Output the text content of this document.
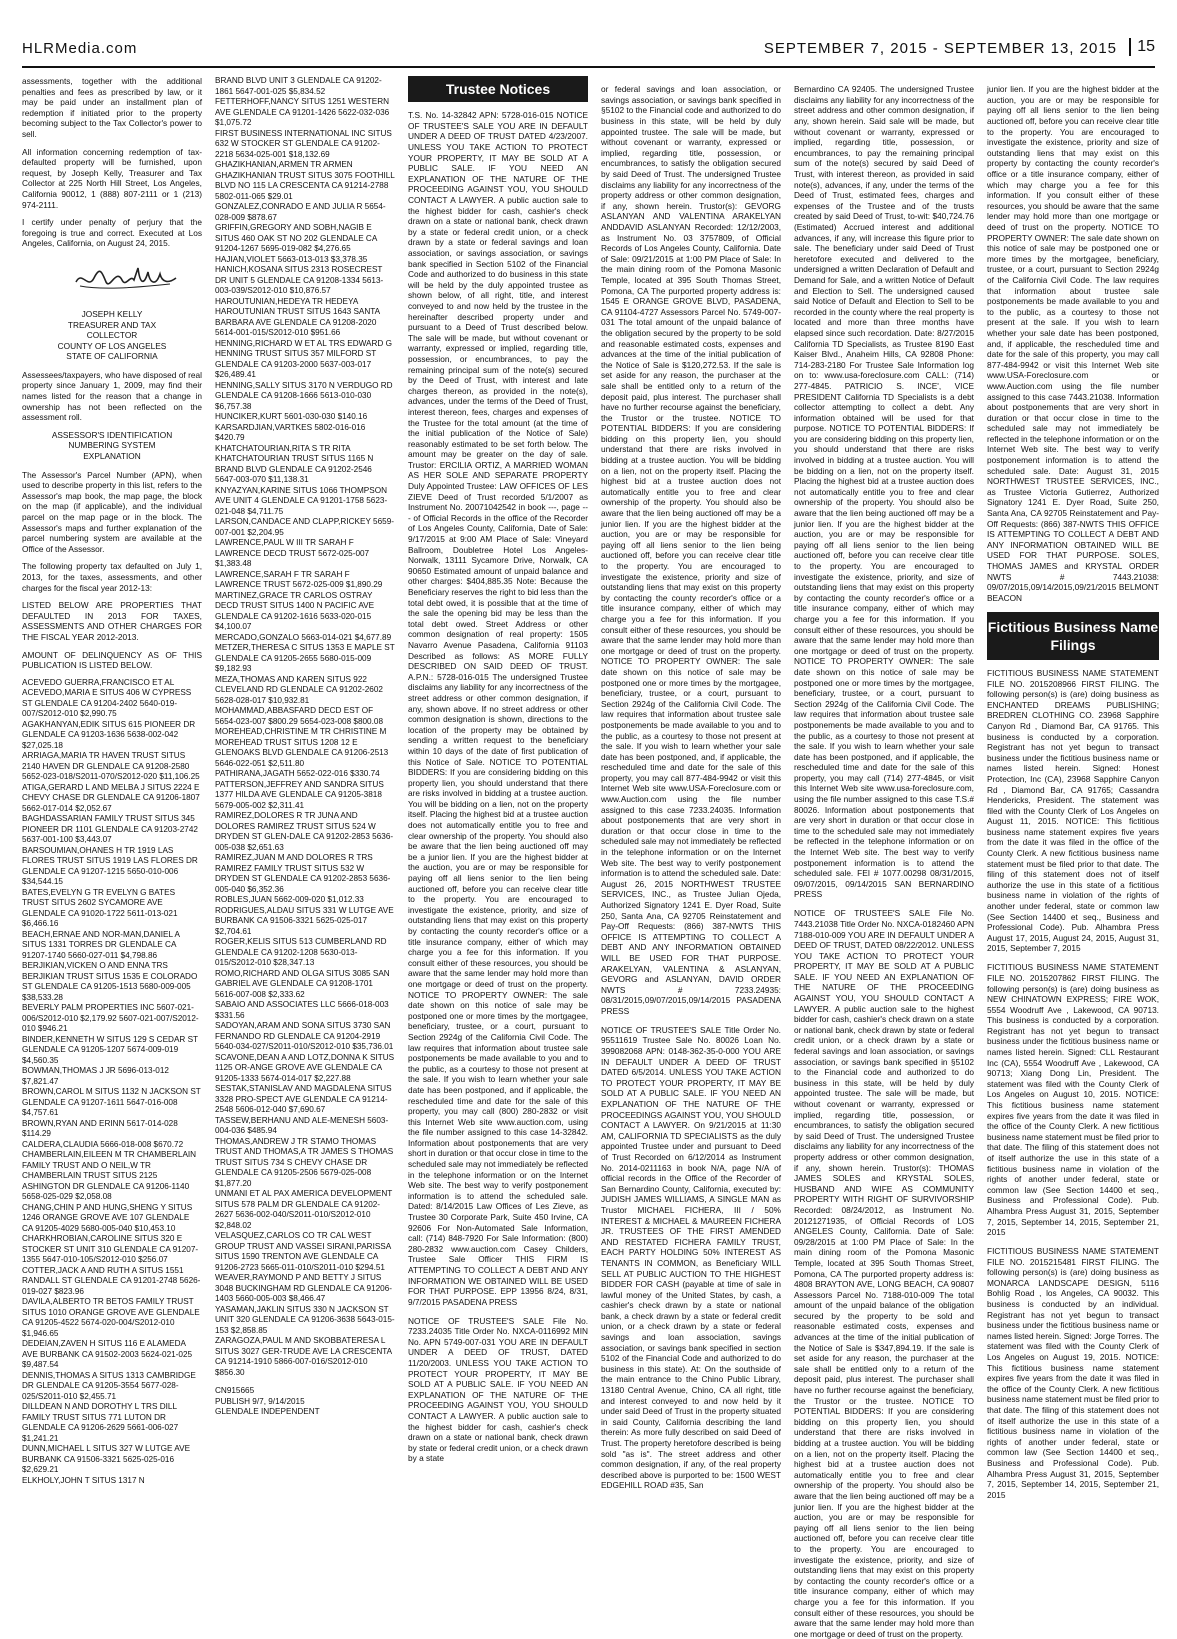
HLRMedia.com	SEPTEMBER 7, 2015 - SEPTEMBER 13, 2015	15

assessments, together with the additional penalties and fees as prescribed by law, or it may be paid under an installment plan of redemption if initiated prior to the property becoming subject to the Tax Collector's power to sell.

All information concerning redemption of tax-defaulted property will be furnished, upon request, by Joseph Kelly, Treasurer and Tax Collector at 225 North Hill Street, Los Angeles, California 90012, 1 (888) 807-2111 or 1 (213) 974-2111.

I certify under penalty of perjury that the foregoing is true and correct. Executed at Los Angeles, California, on August 24, 2015.

JOSEPH KELLY
TREASURER AND TAX
COLLECTOR
COUNTY OF LOS ANGELES
STATE OF CALIFORNIA

Assessees/taxpayers, who have disposed of real property since January 1, 2009, may find their names listed for the reason that a change in ownership has not been reflected on the assessment roll.

ASSESSOR'S IDENTIFICATION
NUMBERING SYSTEM
EXPLANATION

The Assessor's Parcel Number (APN), when used to describe property in this list, refers to the Assessor's map book, the map page, the block on the map (if applicable), and the individual parcel on the map page or in the block. The Assessor's maps and further explanation of the parcel numbering system are available at the Office of the Assessor.

The following property tax defaulted on July 1, 2013, for the taxes, assessments, and other charges for the fiscal year 2012-13:

LISTED BELOW ARE PROPERTIES THAT DEFAULTED IN 2013 FOR TAXES, ASSESSMENTS AND OTHER CHARGES FOR THE FISCAL YEAR 2012-2013.

AMOUNT OF DELINQUENCY AS OF THIS PUBLICATION IS LISTED BELOW.

ACEVEDO GUERRA,FRANCISCO ET AL ACEVEDO,MARIA E SITUS 406 W CYPRESS ST GLENDALE CA 91204-2402 5640-019-007/S2012-010 $2,990.75
AGAKHANYAN,EDIK SITUS 615 PIONEER DR GLENDALE CA 91203-1636 5638-002-042 $27,025.18
ARRIAGA,MARIA TR HAVEN TRUST SITUS 2140 HAVEN DR GLENDALE CA 91208-2580 5652-023-018/S2011-070/S2012-020 $11,106.25
ATIGA,GERARD L AND MELBA J SITUS 2224 E CHEVY CHASE DR GLENDALE CA 91206-1807 5662-017-014 $2,052.67
BAGHDASSARIAN FAMILY TRUST SITUS 345 PIONEER DR 1101 GLENDALE CA 91203-2742 5637-001-100 $3,443.07
BARSOUMIAN,OHANES H TR 1919 LAS FLORES TRUST SITUS 1919 LAS FLORES DR GLENDALE CA 91207-1215 5650-010-006 $34,544.15
BATES,EVELYN G TR EVELYN G BATES TRUST SITUS 2602 SYCAMORE AVE GLENDALE CA 91020-1722 5611-013-021 $6,466.16
BEACH,ERNAE AND NOR-MAN,DANIEL A SITUS 1331 TORRES DR GLENDALE CA 91207-1740 5660-027-011 $4,798.86
BERJIKIAN,VICKEN O AND ENNA TRS BERJIKIAN TRUST SITUS 1535 E COLORADO ST GLENDALE CA 91205-1513 5680-009-005 $38,533.28
BEVERLY PALM PROPERTIES INC 5607-021-006/S2012-010 $2,179.92 5607-021-007/S2012-010 $946.21
BINDER,KENNETH W SITUS 129 S CEDAR ST GLENDALE CA 91205-1207 5674-009-019 $4,560.35
BOWMAN,THOMAS J JR 5696-013-012 $7,821.47
BROWN,CAROL M SITUS 1132 N JACKSON ST GLENDALE CA 91207-1611 5647-016-008 $4,757.61
BROWN,RYAN AND ERINN 5617-014-028 $114.29
CALDERA,CLAUDIA 5666-018-008 $670.72
CHAMBERLAIN,EILEEN M TR CHAMBERLAIN FAMILY TRUST AND O NEIL,W TR CHAMBERLAIN TRUST SITUS 2125 ASHINGTON DR GLENDALE CA 91206-1140 5658-025-029 $2,058.08
CHANG,CHIN P AND HUNG,SHENG Y SITUS 1246 ORANGE GROVE AVE 107 GLENDALE CA 91205-4029 5680-005-040 $10,453.10
CHARKHROBIAN,CAROLINE SITUS 320 E STOCKER ST UNIT 310 GLENDALE CA 91207-1355 5647-010-105/S2012-010 $256.07
COTTER,JACK A AND RUTH A SITUS 1551 RANDALL ST GLENDALE CA 91201-2748 5626-019-027 $823.96
DAVILA,ALBERTO TR BETOS FAMILY TRUST SITUS 1010 ORANGE GROVE AVE GLENDALE CA 91205-4522 5674-020-004/S2012-010 $1,946.65
DEDEIAN,ZAVEN H SITUS 116 E ALAMEDA AVE BURBANK CA 91502-2003 5624-021-025 $9,487.54
DENNIS,THOMAS A SITUS 1313 CAMBRIDGE DR GLENDALE CA 91205-3554 5677-028-025/S2011-010 $2,455.71
DILLDEAN N AND DOROTHY L TRS DILL FAMILY TRUST SITUS 771 LUTON DR GLENDALE CA 91206-2629 5661-006-027 $1,241.21
DUNN,MICHAEL L SITUS 327 W LUTGE AVE BURBANK CA 91506-3321 5625-025-016 $2,629.21
ELKHOLY,JOHN T SITUS 1317 N
BRAND BLVD UNIT 3 GLENDALE CA 91202-1861 5647-001-025 $5,834.52
FETTERHOFF,NANCY SITUS 1251 WESTERN AVE GLENDALE CA 91201-1426 5622-032-036 $1,075.72
FIRST BUSINESS INTERNATIONAL INC SITUS 632 W STOCKER ST GLENDALE CA 91202-2218 5634-025-001 $18,132.69
GHAZIKHANIAN,ARMEN TR ARMEN GHAZIKHANIAN TRUST SITUS 3075 FOOTHILL BLVD NO 115 LA CRESCENTA CA 91214-2788 5802-011-065 $29.01
GONZALEZ,CONRADO E AND JULIA R 5654-028-009 $878.67
GRIFFIN,GREGORY AND SOBH,NAGIB E SITUS 460 OAK ST NO 202 GLENDALE CA 91204-1267 5695-019-082 $4,276.65
HAJIAN,VIOLET 5663-013-013 $3,378.35
HANICH,KOSANA SITUS 2313 ROSECREST DR UNIT 5 GLENDALE CA 91208-1334 5613-003-039/S2012-010 $10,876.57
HAROUTUNIAN,HEDEYA TR HEDEYA HAROUTUNIAN TRUST SITUS 1643 SANTA BARBARA AVE GLENDALE CA 91208-2020 5614-001-015/S2012-010 $951.66
HENNING,RICHARD W ET AL TRS EDWARD G HENNING TRUST SITUS 357 MILFORD ST GLENDALE CA 91203-2000 5637-003-017 $26,489.41
HENNING,SALLY SITUS 3170 N VERDUGO RD GLENDALE CA 91208-1666 5613-010-030 $6,757.38
HUNCIKER,KURT 5601-030-030 $140.16
KARSARDJIAN,VARTKES 5802-016-016 $420.79
KHATCHATOURIAN,RITA S TR RITA KHATCHATOURIAN TRUST SITUS 1165 N BRAND BLVD GLENDALE CA 91202-2546 5647-003-070 $11,138.31
KNYAZYAN,KARINE SITUS 1066 THOMPSON AVE UNIT 4 GLENDALE CA 91201-1758 5623-021-048 $4,711.75
LARSON,CANDACE AND CLAPP,RICKEY 5659-007-001 $2,204.95
LAWRENCE,PAUL W III TR SARAH F LAWRENCE DECD TRUST 5672-025-007 $1,383.48
LAWRENCE,SARAH F TR SARAH F LAWRENCE TRUST 5672-025-009 $1,890.29
MARTINEZ,GRACE TR CARLOS OSTRAY DECD TRUST SITUS 1400 N PACIFIC AVE GLENDALE CA 91202-1616 5633-020-015 $4,100.07
MERCADO,GONZALO 5663-014-021 $4,677.89
METZER,THERESA C SITUS 1353 E MAPLE ST GLENDALE CA 91205-2655 5680-015-009 $9,182.93
MEZA,THOMAS AND KAREN SITUS 922 CLEVELAND RD GLENDALE CA 91202-2602 5628-028-017 $10,932.81
MOHAMMAD,ABBASFARD DECD EST OF 5654-023-007 $800.29 5654-023-008 $800.08
MOREHEAD,CHRISTINE M TR CHRISTINE M MOREHEAD TRUST SITUS 1208 12 E GLENOAKS BLVD GLENDALE CA 91206-2513 5646-022-051 $2,511.80
PATHIRANA,JAGATH 5652-022-016 $330.74
PATTERSON,JEFFREY AND SANDRA SITUS 1377 HILDA AVE GLENDALE CA 91205-3818 5679-005-002 $2,311.41
RAMIREZ,DOLORES R TR JUNA AND DOLORES RAMIREZ TRUST SITUS 524 W DRYDEN ST GLEN-DALE CA 91202-2853 5636-005-038 $2,651.63
RAMIREZ,JUAN M AND DOLORES R TRS RAMIREZ FAMILY TRUST SITUS 532 W DRYDEN ST GLENDALE CA 91202-2853 5636-005-040 $6,352.36
ROBLES,JUAN 5662-009-020 $1,012.33
RODRIGUES,ALDAU SITUS 331 W LUTGE AVE BURBANK CA 91506-3321 5625-025-017 $2,704.61
ROGER,KELIS SITUS 513 CUMBERLAND RD GLENDALE CA 91202-1208 5630-013-015/S2012-010 $28,347.13
ROMO,RICHARD AND OLGA SITUS 3085 SAN GABRIEL AVE GLENDALE CA 91208-1701 5616-007-008 $2,333.62
SABAIO AND ASSOCIATES LLC 5666-018-003 $331.56
SADOYAN,ARAM AND SONA SITUS 3730 SAN FERNANDO RD GLENDALE CA 91204-2919 5640-034-027/S2011-010/S2012-010 $35,736.01
SCAVONE,DEAN A AND LOTZ,DONNA K SITUS 1125 OR-ANGE GROVE AVE GLENDALE CA 91205-1333 5674-014-017 $2,227.88
SESTAK,STANISLAV AND MAGDALENA SITUS 3328 PRO-SPECT AVE GLENDALE CA 91214-2548 5606-012-040 $7,690.67
TASSEW,BERHANU AND ALE-MENESH 5603-004-036 $485.94
THOMAS,ANDREW J TR STAMO THOMAS TRUST AND THOMAS,A TR JAMES S THOMAS TRUST SITUS 734 S CHEVY CHASE DR GLENDALE CA 91205-2506 5679-025-008 $1,877.20
UNMANI ET AL PAX AMERICA DEVELOPMENT SITUS 578 PALM DR GLENDALE CA 91202-2627 5636-002-040/S2011-010/S2012-010 $2,848.02
VELASQUEZ,CARLOS CO TR CAL WEST GROUP TRUST AND VASSEI SIRANI,PARISSA SITUS 1590 TRENTON AVE GLENDALE CA 91206-2723 5665-011-010/S2011-010 $294.51
WEAVER,RAYMOND P AND BETTY J SITUS 3048 BUCKINGHAM RD GLENDALE CA 91206-1403 5660-005-003 $8,466.47
YASAMAN,JAKLIN SITUS 330 N JACKSON ST UNIT 320 GLENDALE CA 91206-3638 5643-015-153 $2,858.85
ZARAGOZA,PAUL M AND SKOBBATERESA L SITUS 3027 GER-TRUDE AVE LA CRESCENTA CA 91214-1910 5866-007-016/S2012-010 $856.30
CN915665
PUBLISH 9/7, 9/14/2015
GLENDALE INDEPENDENT
Trustee Notices

T.S. No. 14-32842 APN: 5728-016-015 NOTICE OF TRUSTEE'S SALE YOU ARE IN DEFAULT UNDER A DEED OF TRUST DATED 4/23/2007. UNLESS YOU TAKE ACTION TO PROTECT YOUR PROPERTY, IT MAY BE SOLD AT A PUBLIC SALE. IF YOU NEED AN EXPLANATION OF THE NATURE OF THE PROCEEDING AGAINST YOU, YOU SHOULD CONTACT A LAWYER. A public auction sale to the highest bidder for cash, cashier's check drawn on a state or national bank, check drawn by a state or federal credit union, or a check drawn by a state or federal savings and loan association, or savings association, or savings bank specified in Section 5102 of the Financial Code and authorized to do business in this state will be held by the duly appointed trustee as shown below, of all right, title, and interest conveyed to and now held by the trustee in the hereinafter described property under and pursuant to a Deed of Trust described below. The sale will be made, but without covenant or warranty, expressed or implied, regarding title, possession, or encumbrances, to pay the remaining principal sum of the note(s) secured by the Deed of Trust, with interest and late charges thereon, as provided in the note(s), advances, under the terms of the Deed of Trust, interest thereon, fees, charges and expenses of the Trustee for the total amount (at the time of the initial publication of the Notice of Sale) reasonably estimated to be set forth below. The amount may be greater on the day of sale. Trustor: ERCILIA ORTIZ, A MARRIED WOMAN AS HER SOLE AND SEPARATE PROPERTY Duly Appointed Trustee: LAW OFFICES OF LES ZIEVE Deed of Trust recorded 5/1/2007 as Instrument No. 20071042542 in book ---, page --- of Official Records in the office of the Recorder of Los Angeles County, California, Date of Sale: 9/17/2015 at 9:00 AM Place of Sale: Vineyard Ballroom, Doubletree Hotel Los Angeles-Norwalk, 13111 Sycamore Drive, Norwalk, CA 90650 Estimated amount of unpaid balance and other charges: $404,885.35 Note: Because the Beneficiary reserves the right to bid less than the total debt owed, it is possible that at the time of the sale the opening bid may be less than the total debt owed. Street Address or other common designation of real property: 1505 Navarro Avenue Pasadena, California 91103 Described as follows: AS MORE FULLY DESCRIBED ON SAID DEED OF TRUST. A.P.N.: 5728-016-015 The undersigned Trustee disclaims any liability for any incorrectness of the street address or other common designation, if any, shown above. If no street address or other common designation is shown, directions to the location of the property may be obtained by sending a written request to the beneficiary within 10 days of the date of first publication of this Notice of Sale. NOTICE TO POTENTIAL BIDDERS: If you are considering bidding on this property lien, you should understand that there are risks involved in bidding at a trustee auction. You will be bidding on a lien, not on the property itself. Placing the highest bid at a trustee auction does not automatically entitle you to free and clear ownership of the property. You should also be aware that the lien being auctioned off may be a junior lien. If you are the highest bidder at the auction, you are or may be responsible for paying off all liens senior to the lien being auctioned off, before you can receive clear title to the property. You are encouraged to investigate the existence, priority, and size of outstanding liens that may exist on this property by contacting the county recorder's office or a title insurance company, either of which may charge you a fee for this information. If you consult either of these resources, you should be aware that the same lender may hold more than one mortgage or deed of trust on the property. NOTICE TO PROPERTY OWNER: The sale date shown on this notice of sale may be postponed one or more times by the mortgagee, beneficiary, trustee, or a court, pursuant to Section 2924g of the California Civil Code. The law requires that information about trustee sale postponements be made available to you and to the public, as a courtesy to those not present at the sale. If you wish to learn whether your sale date has been postponed, and if applicable, the rescheduled time and date for the sale of this property, you may call (800) 280-2832 or visit this Internet Web site www.auction.com, using the file number assigned to this case 14-32842. Information about postponements that are very short in duration or that occur close in time to the scheduled sale may not immediately be reflected in the telephone information or on the Internet Web site. The best way to verify postponement information is to attend the scheduled sale. Dated: 8/14/2015 Law Offices of Les Zieve, as Trustee 30 Corporate Park, Suite 450 Irvine, CA 92606 For Non-Automated Sale Information, call: (714) 848-7920 For Sale Information: (800) 280-2832 www.auction.com Casey Childers, Trustee Sale Officer THIS FIRM IS ATTEMPTING TO COLLECT A DEBT AND ANY INFORMATION WE OBTAINED WILL BE USED FOR THAT PURPOSE. EPP 13956 8/24, 8/31, 9/7/2015 PASADENA PRESS

NOTICE OF TRUSTEE'S SALE File No. 7233.24035 Title Order No. NXCA-0116992 MIN No. APN 5749-007-031 YOU ARE IN DEFAULT UNDER A DEED OF TRUST, DATED 11/20/2003. UNLESS YOU TAKE ACTION TO PROTECT YOUR PROPERTY, IT MAY BE SOLD AT A PUBLIC SALE. IF YOU NEED AN EXPLANATION OF THE NATURE OF THE PROCEEDING AGAINST YOU, YOU SHOULD CONTACT A LAWYER. A public auction sale to the highest bidder for cash, cashier's check drawn on a state or national bank, check drawn by state or federal credit union, or a check drawn by a state

or federal savings and loan association, or savings association, or savings bank specified in §5102 to the Financial code and authorized to do business in this state, will be held by duly appointed trustee. The sale will be made, but without covenant or warranty, expressed or implied, regarding title, possession, or encumbrances, to satisfy the obligation secured by said Deed of Trust. The undersigned Trustee disclaims any liability for any incorrectness of the property address or other common designation, if any, shown herein. Trustor(s): GEVORG ASLANYAN AND VALENTINA ARAKELYAN ANDDAVID ASLANYAN Recorded: 12/12/2003, as Instrument No. 03 3757809, of Official Records of Los Angeles County, California. Date of Sale: 09/21/2015 at 1:00 PM Place of Sale: In the main dining room of the Pomona Masonic Temple, located at 395 South Thomas Street, Pomona, CA The purported property address is: 1545 E ORANGE GROVE BLVD, PASADENA, CA 91104-4727 Assessors Parcel No. 5749-007-031 The total amount of the unpaid balance of the obligation secured by the property to be sold and reasonable estimated costs, expenses and advances at the time of the initial publication of the Notice of Sale is $120,272.53. If the sale is set aside for any reason, the purchaser at the sale shall be entitled only to a return of the deposit paid, plus interest. The purchaser shall have no further recourse against the beneficiary, the Trustor or the trustee. NOTICE TO POTENTIAL BIDDERS: If you are considering bidding on this property lien, you should understand that there are risks involved in bidding at a trustee auction. You will be bidding on a lien, not on the property itself. Placing the highest bid at a trustee auction does not automatically entitle you to free and clear ownership of the property. You should also be aware that the lien being auctioned off may be a junior lien. If you are the highest bidder at the auction, you are or may be responsible for paying off all liens senior to the lien being auctioned off, before you can receive clear title to the property. You are encouraged to investigate the existence, priority and size of outstanding liens that may exist on this property by contacting the county recorder's office or a title insurance company, either of which may charge you a fee for this information. If you consult either of these resources, you should be aware that the same lender may hold more than one mortgage or deed of trust on the property. NOTICE TO PROPERTY OWNER: The sale date shown on this notice of sale may be postponed one or more times by the mortgagee, beneficiary, trustee, or a court, pursuant to Section 2924g of the California Civil Code. The law requires that information about trustee sale postponements be made available to you and to the public, as a courtesy to those not present at the sale. If you wish to learn whether your sale date has been postponed, and, if applicable, the rescheduled time and date for the sale of this property, you may call 877-484-9942 or visit this Internet Web site www.USA-Foreclosure.com or www.Auction.com using the file number assigned to this case 7233.24035. Information about postponements that are very short in duration or that occur close in time to the scheduled sale may not immediately be reflected in the telephone information or on the Internet Web site. The best way to verify postponement information is to attend the scheduled sale. Date: August 26, 2015 NORTHWEST TRUSTEE SERVICES, INC., as Trustee Julian Ojeda, Authorized Signatory 1241 E. Dyer Road, Suite 250, Santa Ana, CA 92705 Reinstatement and Pay-Off Requests: (866) 387-NWTS THIS OFFICE IS ATTEMPTING TO COLLECT A DEBT AND ANY INFORMATION OBTAINED WILL BE USED FOR THAT PURPOSE. ARAKELYAN, VALENTINA & ASLANYAN, GEVORG and ASLANYAN, DAVID ORDER NWTS # 7233.24935: 08/31/2015,09/07/2015,09/14/2015 PASADENA PRESS

NOTICE OF TRUSTEE'S SALE Title Order No. 95511619 Trustee Sale No. 80026 Loan No. 399082068 APN: 0148-362-35-0-000 YOU ARE IN DEFAULT UNDER A DEED OF TRUST DATED 6/5/2014. UNLESS YOU TAKE ACTION TO PROTECT YOUR PROPERTY, IT MAY BE SOLD AT A PUBLIC SALE. IF YOU NEED AN EXPLANATION OF THE NATURE OF THE PROCEEDINGS AGAINST YOU, YOU SHOULD CONTACT A LAWYER. On 9/21/2015 at 11:30 AM, CALIFORNIA TD SPECIALISTS as the duly appointed Trustee under and pursuant to Deed of Trust Recorded on 6/12/2014 as Instrument No. 2014-0211163 in book N/A, page N/A of official records in the Office of the Recorder of San Bernardino County, California, executed by: JUDISH JAMES WILLIAMS, A SINGLE MAN as Trustor MICHAEL FICHERA, III / 50% INTEREST & MICHAEL & MAUREEN FICHERA JR. TRUSTEES OF THE FIRST AMENDED AND RESTATED FICHERA FAMILY TRUST, EACH PARTY HOLDING 50% INTEREST AS TENANTS IN COMMON, as Beneficiary WILL SELL AT PUBLIC AUCTION TO THE HIGHEST BIDDER FOR CASH (payable at time of sale in lawful money of the United States, by cash, a cashier's check drawn by a state or national bank, a check drawn by a state or federal credit union, or a check drawn by a state or federal savings and loan association, savings association, or savings bank specified in section 5102 of the Financial Code and authorized to do business in this state). At: On the southside of the main entrance to the Chino Public Library, 13180 Central Avenue, Chino, CA all right, title and interest conveyed to and now held by it under said Deed of Trust in the property situated in said County, California describing the land therein: As more fully described on said Deed of Trust. The property heretofore described is being sold "as is". The street address and other common designation, if any, of the real property described above is purported to be: 1500 WEST EDGEHILL ROAD #35, San

Bernardino CA 92405. The undersigned Trustee disclaims any liability for any incorrectness of the street address and other common designation, if any, shown herein. Said sale will be made, but without covenant or warranty, expressed or implied, regarding title, possession, or encumbrances, to pay the remaining principal sum of the note(s) secured by said Deed of Trust, with interest thereon, as provided in said note(s), advances, if any, under the terms of the Deed of Trust, estimated fees, charges and expenses of the Trustee and of the trusts created by said Deed of Trust, to-wit: $40,724.76 (Estimated) Accrued interest and additional advances, if any, will increase this figure prior to sale. The beneficiary under said Deed of Trust heretofore executed and delivered to the undersigned a written Declaration of Default and Demand for Sale, and a written Notice of Default and Election to Sell. The undersigned caused said Notice of Default and Election to Sell to be recorded in the county where the real property is located and more than three months have elapsed since such recordation. Date: 8/27/2015 California TD Specialists, as Trustee 8190 East Kaiser Blvd., Anaheim Hills, CA 92808 Phone: 714-283-2180 For Trustee Sale Information log on to: www.usa-foreclosure.com CALL: (714) 277-4845. PATRICIO S. INCE', VICE PRESIDENT California TD Specialists is a debt collector attempting to collect a debt. Any information obtained will be used for that purpose. NOTICE TO POTENTIAL BIDDERS: If you are considering bidding on this property lien, you should understand that there are risks involved in bidding at a trustee auction. You will be bidding on a lien, not on the property itself. Placing the highest bid at a trustee auction does not automatically entitle you to free and clear ownership of the property. You should also be aware that the lien being auctioned off may be a junior lien. If you are the highest bidder at the auction, you are or may be responsible for paying off all liens senior to the lien being auctioned off, before you can receive clear title to the property. You are encouraged to investigate the existence, priority, and size of outstanding liens that may exist on this property by contacting the county recorder's office or a title insurance company, either of which may charge you a fee for this information. If you consult either of these resources, you should be aware that the same lender may hold more than one mortgage or deed of trust on the property. NOTICE TO PROPERTY OWNER: The sale date shown on this notice of sale may be postponed one or more times by the mortgagee, beneficiary, trustee, or a court, pursuant to Section 2924g of the California Civil Code. The law requires that information about trustee sale postponements be made available to you and to the public, as a courtesy to those not present at the sale. If you wish to learn whether your sale date has been postponed, and if applicable, the rescheduled time and date for the sale of this property, you may call (714) 277-4845, or visit this Internet Web site www.usa-foreclosure.com, using the file number assigned to this case T.S.# 80026. Information about postponements that are very short in duration or that occur close in time to the scheduled sale may not immediately be reflected in the telephone information or on the Internet Web site. The best way to verify postponement information is to attend the scheduled sale. FEI # 1077.00298 08/31/2015, 09/07/2015, 09/14/2015 SAN BERNARDINO PRESS

NOTICE OF TRUSTEE'S SALE File No. 7443.21038 Title Order No. NXCA-0182460 APN 7188-010-009 YOU ARE IN DEFAULT UNDER A DEED OF TRUST, DATED 08/22/2012. UNLESS YOU TAKE ACTION TO PROTECT YOUR PROPERTY, IT MAY BE SOLD AT A PUBLIC SALE. IF YOU NEED AN EXPLANATION OF THE NATURE OF THE PROCEEDING AGAINST YOU, YOU SHOULD CONTACT A LAWYER. A public auction sale to the highest bidder for cash, cashier's check drawn on a state or national bank, check drawn by state or federal credit union, or a check drawn by a state or federal savings and loan association, or savings association, or savings bank specified in §5102 to the Financial code and authorized to do business in this state, will be held by duly appointed trustee. The sale will be made, but without covenant or warranty, expressed or implied, regarding title, possession, or encumbrances, to satisfy the obligation secured by said Deed of Trust. The undersigned Trustee disclaims any liability for any incorrectness of the property address or other common designation, if any, shown herein. Trustor(s): THOMAS JAMES SOLES and KRYSTAL SOLES, HUSBAND AND WIFE AS COMMUNITY PROPERTY WITH RIGHT OF SURVIVORSHIP Recorded: 08/24/2012, as Instrument No. 20121271935, of Official Records of LOS ANGELES County, California. Date of Sale: 09/28/2015 at 1:00 PM Place of Sale: In the main dining room of the Pomona Masonic Temple, located at 395 South Thomas Street, Pomona, CA The purported property address is: 4808 BRAYTON AVE, LONG BEACH, CA 90807 Assessors Parcel No. 7188-010-009 The total amount of the unpaid balance of the obligation secured by the property to be sold and reasonable estimated costs, expenses and advances at the time of the initial publication of the Notice of Sale is $347,894.19. If the sale is set aside for any reason, the purchaser at the sale shall be entitled only to a return of the deposit paid, plus interest. The purchaser shall have no further recourse against the beneficiary, the Trustor or the trustee. NOTICE TO POTENTIAL BIDDERS: If you are considering bidding on this property lien, you should understand that there are risks involved in bidding at a trustee auction. You will be bidding on a lien, not on the property itself. Placing the highest bid at a trustee auction does not automatically entitle you to free and clear ownership of the property. You should also be aware that the lien being auctioned off may be a junior lien. If you are the highest bidder at the auction, you are or may be responsible for paying off all liens senior to the lien being auctioned off, before you can receive clear title to the property. You are encouraged to investigate the existence, priority, and size of outstanding liens that may exist on this property by contacting the county recorder's office or a title insurance company, either of which may charge you a fee for this information. If you consult either of these resources, you should be aware that the same lender may hold more than one mortgage or deed of trust on the property.

junior lien. If you are the highest bidder at the auction, you are or may be responsible for paying off all liens senior to the lien being auctioned off, before you can receive clear title to the property. You are encouraged to investigate the existence, priority and size of outstanding liens that may exist on this property by contacting the county recorder's office or a title insurance company, either of which may charge you a fee for this information. If you consult either of these resources, you should be aware that the same lender may hold more than one mortgage or deed of trust on the property. NOTICE TO PROPERTY OWNER: The sale date shown on this notice of sale may be postponed one or more times by the mortgagee, beneficiary, trustee, or a court, pursuant to Section 2924g of the California Civil Code. The law requires that information about trustee sale postponements be made available to you and to the public, as a courtesy to those not present at the sale. If you wish to learn whether your sale date has been postponed, and, if applicable, the rescheduled time and date for the sale of this property, you may call 877-484-9942 or visit this Internet Web site www.USA-Foreclosure.com or www.Auction.com using the file number assigned to this case 7443.21038. Information about postponements that are very short in duration or that occur close in time to the scheduled sale may not immediately be reflected in the telephone information or on the Internet Web site. The best way to verify postponement information is to attend the scheduled sale. Date: August 31, 2015 NORTHWEST TRUSTEE SERVICES, INC., as Trustee Victoria Gutierrez, Authorized Signatory 1241 E. Dyer Road, Suite 250, Santa Ana, CA 92705 Reinstatement and Pay-Off Requests: (866) 387-NWTS THIS OFFICE IS ATTEMPTING TO COLLECT A DEBT AND ANY INFORMATION OBTAINED WILL BE USED FOR THAT PURPOSE. SOLES, THOMAS JAMES and KRYSTAL ORDER NWTS # 7443.21038: 09/07/2015,09/14/2015,09/21/2015 BELMONT BEACON

Fictitious Business Name Filings

FICTITIOUS BUSINESS NAME STATEMENT FILE NO. 2015208966 FIRST FILING. The following person(s) is (are) doing business as ENCHANTED DREAMS PUBLISHING; BREDREN CLOTHING CO. 23968 Sapphire Canyon Rd , Diamond Bar, CA 91765. This business is conducted by a corporation. Registrant has not yet begun to transact business under the fictitious business name or names listed herein. Signed: Honest Protection, Inc (CA), 23968 Sapphire Canyon Rd , Diamond Bar, CA 91765; Cassandra Hendericks, President. The statement was filed with the County Clerk of Los Angeles on August 11, 2015. NOTICE: This fictitious business name statement expires five years from the date it was filed in the office of the County Clerk. A new fictitious business name statement must be filed prior to that date. The filing of this statement does not of itself authorize the use in this state of a fictitious business name in violation of the rights of another under federal, state or common law (See Section 14400 et seq., Business and Professional Code). Pub. Alhambra Press August 17, 2015, August 24, 2015, August 31, 2015, September 7, 2015

FICTITIOUS BUSINESS NAME STATEMENT FILE NO. 2015207862 FIRST FILING. The following person(s) is (are) doing business as NEW CHINATOWN EXPRESS; FIRE WOK, 5554 Woodruff Ave , Lakewood, CA 90713. This business is conducted by a corporation. Registrant has not yet begun to transact business under the fictitious business name or names listed herein. Signed: CLL Restaurant Inc (CA), 5554 Woodruff Ave , Lakewood, CA 90713; Xiang Dong Lin, President. The statement was filed with the County Clerk of Los Angeles on August 10, 2015. NOTICE: This fictitious business name statement expires five years from the date it was filed in the office of the County Clerk. A new fictitious business name statement must be filed prior to that date. The filing of this statement does not of itself authorize the use in this state of a fictitious business name in violation of the rights of another under federal, state or common law (See Section 14400 et seq., Business and Professional Code). Pub. Alhambra Press August 31, 2015, September 7, 2015, September 14, 2015, September 21, 2015

FICTITIOUS BUSINESS NAME STATEMENT FILE NO. 2015215481 FIRST FILING. The following person(s) is (are) doing business as MONARCA LANDSCAPE DESIGN, 5116 Bohlig Road , los Angeles, CA 90032. This business is conducted by an individual. Registrant has not yet begun to transact business under the fictitious business name or names listed herein. Signed: Jorge Torres. The statement was filed with the County Clerk of Los Angeles on August 19, 2015. NOTICE: This fictitious business name statement expires five years from the date it was filed in the office of the County Clerk. A new fictitious business name statement must be filed prior to that date. The filing of this statement does not of itself authorize the use in this state of a fictitious business name in violation of the rights of another under federal, state or common law (See Section 14400 et seq., Business and Professional Code). Pub. Alhambra Press August 31, 2015, September 7, 2015, September 14, 2015, September 21, 2015
